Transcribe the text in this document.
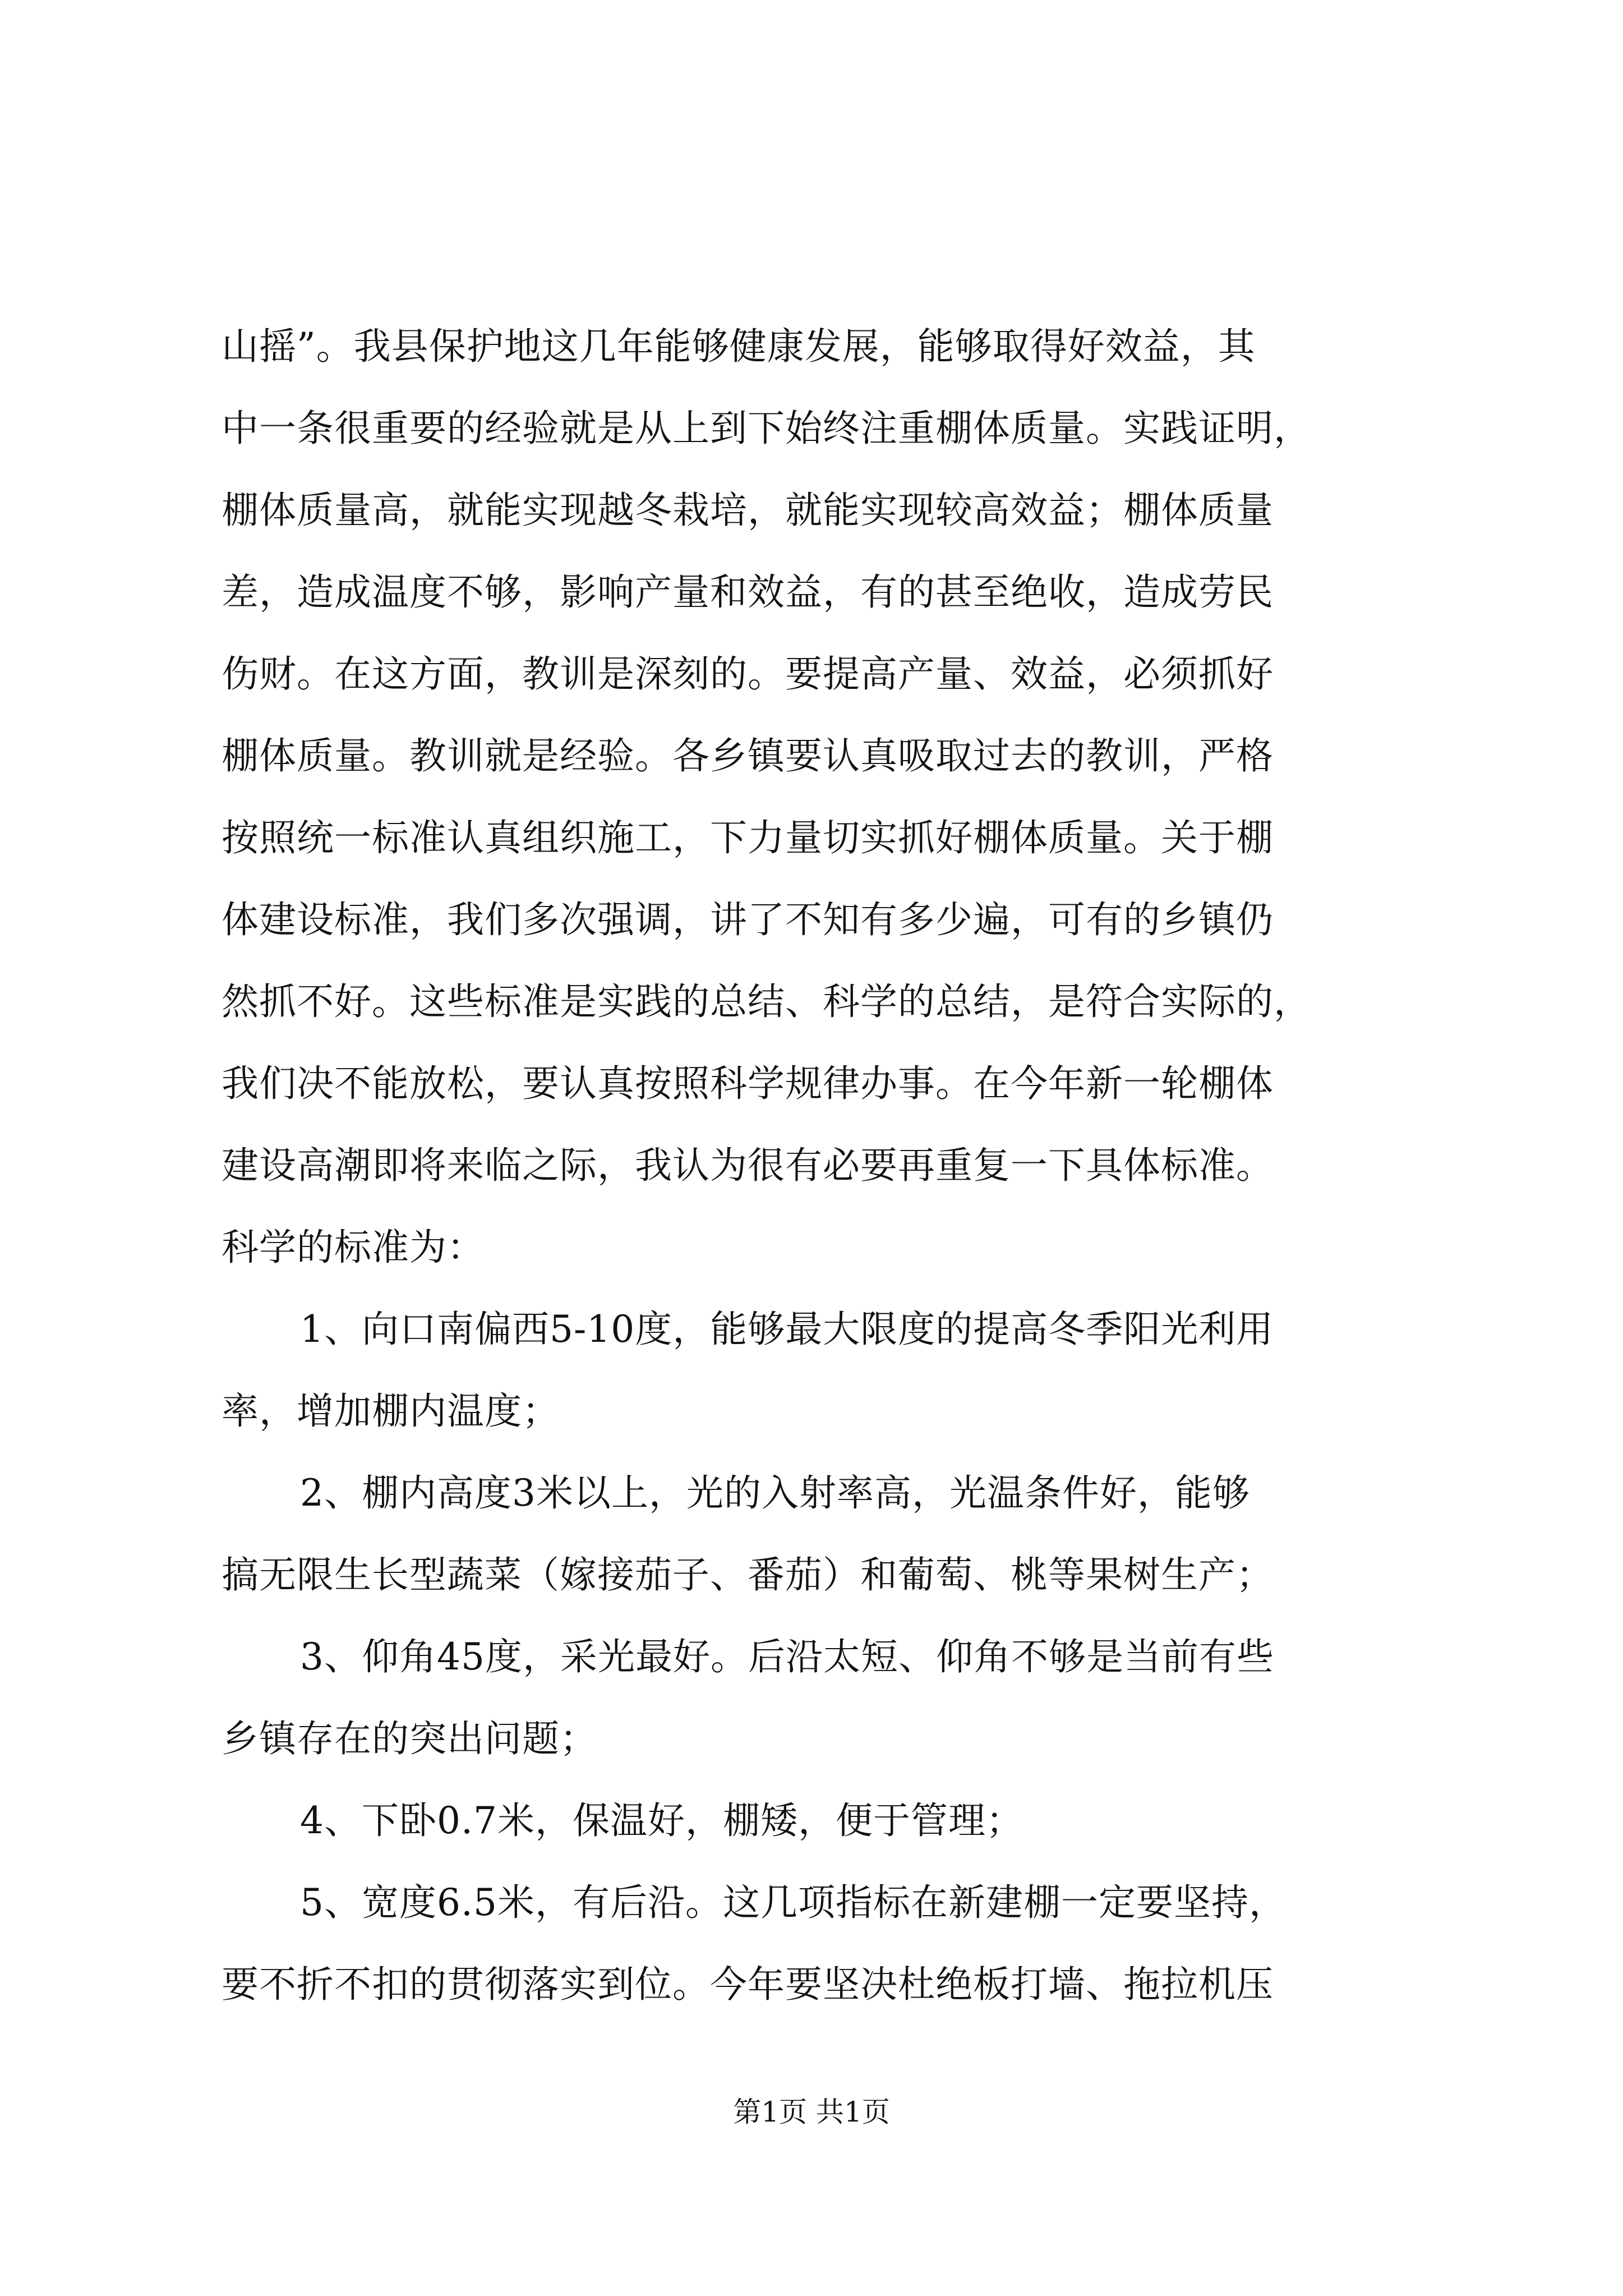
山摇”。我县保护地这几年能够健康发展，能够取得好效益，其
中一条很重要的经验就是从上到下始终注重棚体质量。实践证明，
棚体质量高，就能实现越冬栽培，就能实现较高效益；棚体质量
差，造成温度不够，影响产量和效益，有的甚至绝收，造成劳民
伤财。在这方面，教训是深刻的。要提高产量、效益，必须抓好
棚体质量。教训就是经验。各乡镇要认真吸取过去的教训，严格
按照统一标准认真组织施工，下力量切实抓好棚体质量。关于棚
体建设标准，我们多次强调，讲了不知有多少遍，可有的乡镇仍
然抓不好。这些标准是实践的总结、科学的总结，是符合实际的，
我们决不能放松，要认真按照科学规律办事。在今年新一轮棚体
建设高潮即将来临之际，我认为很有必要再重复一下具体标准。
科学的标准为：
1、向口南偏西5-10度，能够最大限度的提高冬季阳光利用
率，增加棚内温度；
2、棚内高度3米以上，光的入射率高，光温条件好，能够
搞无限生长型蔬菜（嫁接茄子、番茄）和葡萄、桃等果树生产；
3、仰角45度，采光最好。后沿太短、仰角不够是当前有些
乡镇存在的突出问题；
4、下卧0.7米，保温好，棚矮，便于管理；
5、宽度6.5米，有后沿。这几项指标在新建棚一定要坚持，
要不折不扣的贯彻落实到位。今年要坚决杜绝板打墙、拖拉机压
第1页 共1页
